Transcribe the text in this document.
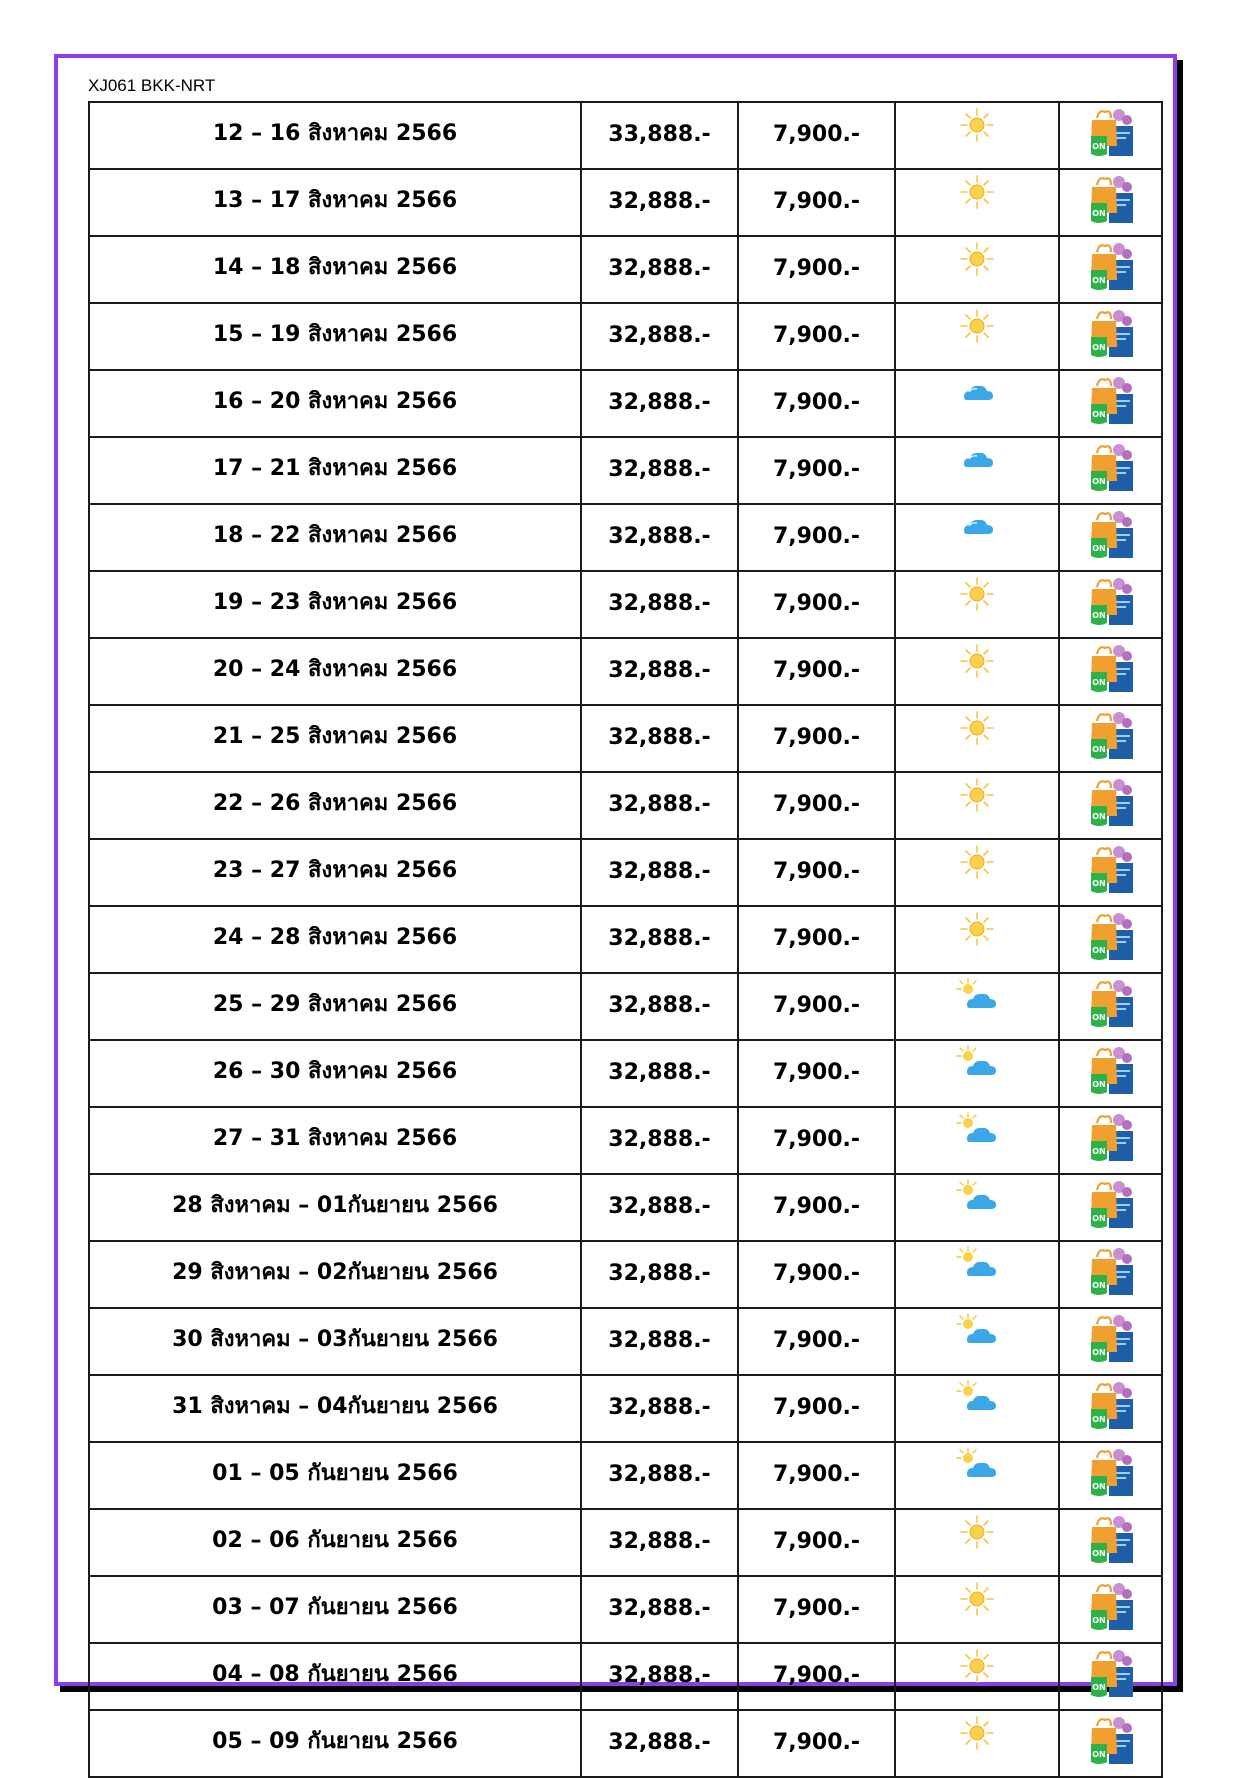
XJ061 BKK-NRT
12 – 16 สิงหาคม 2566	33,888.-	7,900.-		ON

13 – 17 สิงหาคม 2566	32,888.-	7,900.-		ON

14 – 18 สิงหาคม 2566	32,888.-	7,900.-		ON

15 – 19 สิงหาคม 2566	32,888.-	7,900.-		ON

16 – 20 สิงหาคม 2566	32,888.-	7,900.-		ON

17 – 21 สิงหาคม 2566	32,888.-	7,900.-		ON

18 – 22 สิงหาคม 2566	32,888.-	7,900.-		ON

19 – 23 สิงหาคม 2566	32,888.-	7,900.-		ON

20 – 24 สิงหาคม 2566	32,888.-	7,900.-		ON

21 – 25 สิงหาคม 2566	32,888.-	7,900.-		ON

22 – 26 สิงหาคม 2566	32,888.-	7,900.-		ON

23 – 27 สิงหาคม 2566	32,888.-	7,900.-		ON

24 – 28 สิงหาคม 2566	32,888.-	7,900.-		ON

25 – 29 สิงหาคม 2566	32,888.-	7,900.-		ON

26 – 30 สิงหาคม 2566	32,888.-	7,900.-		ON

27 – 31 สิงหาคม 2566	32,888.-	7,900.-		ON

28 สิงหาคม – 01กันยายน 2566	32,888.-	7,900.-		ON

29 สิงหาคม – 02กันยายน 2566	32,888.-	7,900.-		ON

30 สิงหาคม – 03กันยายน 2566	32,888.-	7,900.-		ON

31 สิงหาคม – 04กันยายน 2566	32,888.-	7,900.-		ON

01 – 05 กันยายน 2566	32,888.-	7,900.-		ON

02 – 06 กันยายน 2566	32,888.-	7,900.-		ON

03 – 07 กันยายน 2566	32,888.-	7,900.-		ON

04 – 08 กันยายน 2566	32,888.-	7,900.-		ON

05 – 09 กันยายน 2566	32,888.-	7,900.-		ON
